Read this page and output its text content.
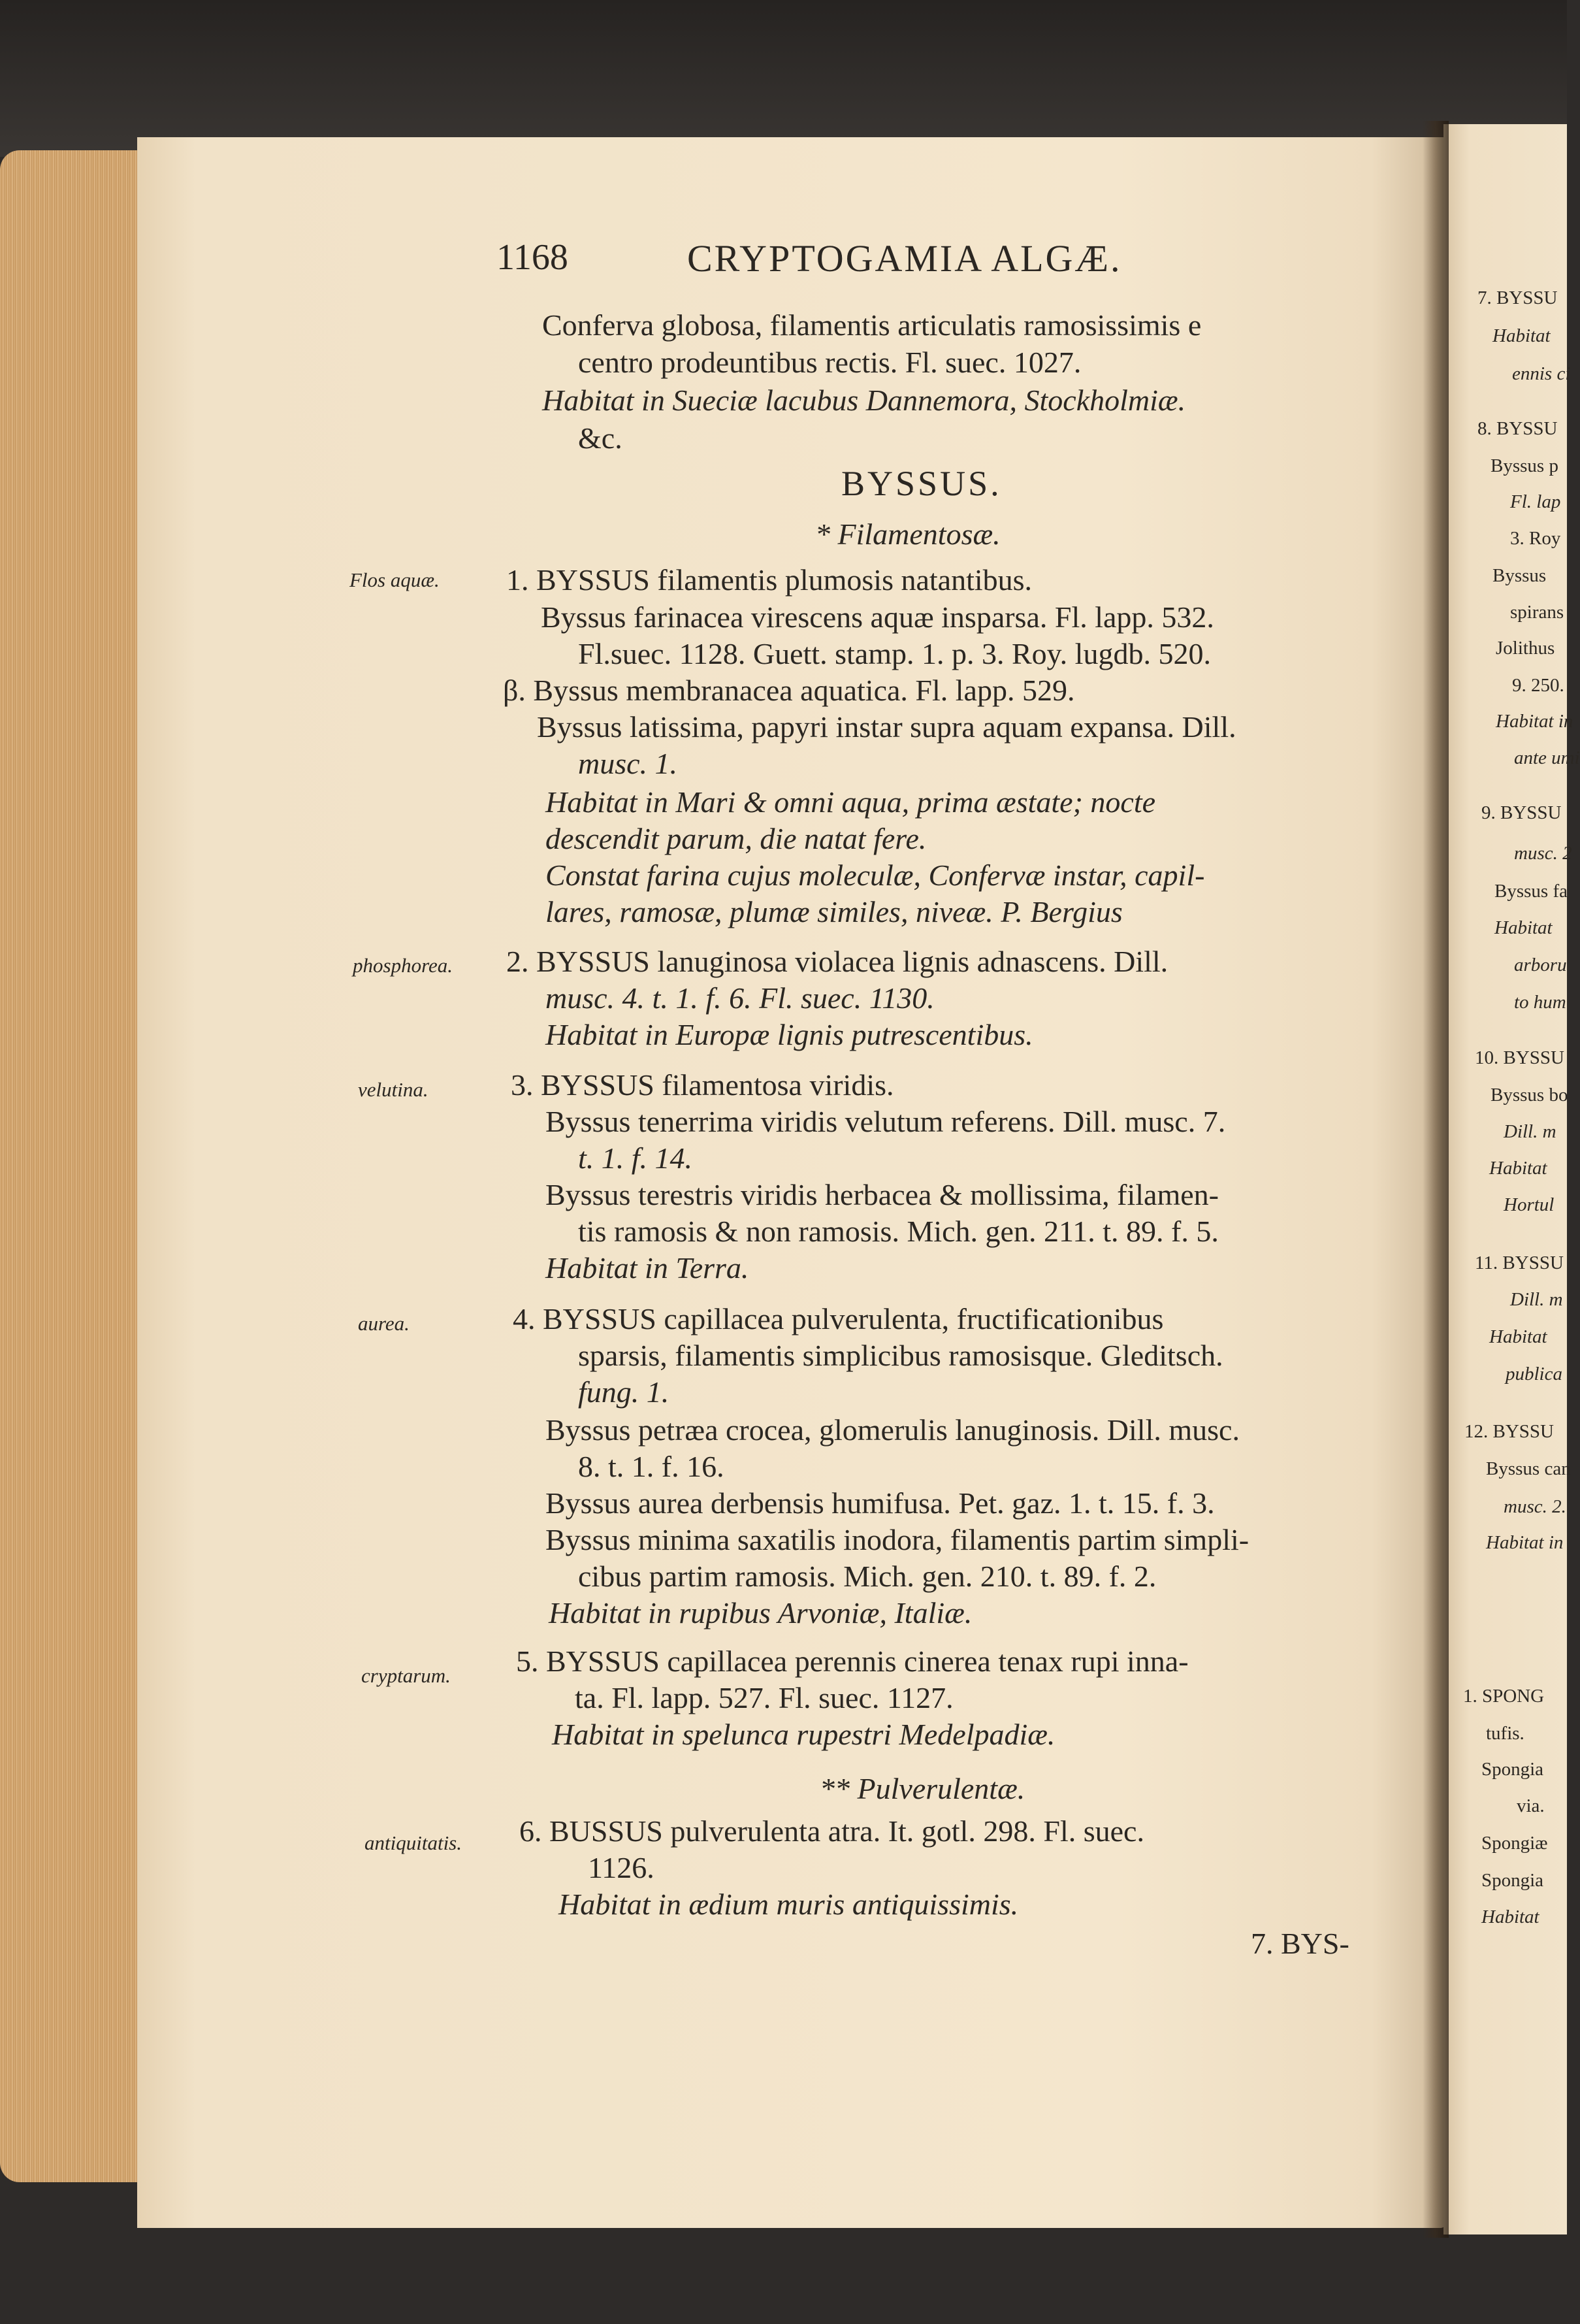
1168	CRYPTOGAMIA ALGÆ.
Conferva globosa, filamentis articulatis ramosissimis e
centro prodeuntibus rectis. Fl. suec. 1027.
Habitat in Sueciæ lacubus Dannemora, Stockholmiæ.
&c.
BYSSUS.
* Filamentosæ.
1. BYSSUS filamentis plumosis natantibus.
Byssus farinacea virescens aquæ insparsa. Fl. lapp. 532.
Fl.suec. 1128. Guett. stamp. 1. p. 3. Roy. lugdb. 520.
β. Byssus membranacea aquatica. Fl. lapp. 529.
Byssus latissima, papyri instar supra aquam expansa. Dill.
musc. 1.
Habitat in Mari & omni aqua, prima æstate; nocte
descendit parum, die natat fere.
Constat farina cujus moleculæ, Confervæ instar, capil-
lares, ramosæ, plumæ similes, niveæ. P. Bergius
2. BYSSUS lanuginosa violacea lignis adnascens. Dill.
musc. 4. t. 1. f. 6. Fl. suec. 1130.
Habitat in Europæ lignis putrescentibus.
3. BYSSUS filamentosa viridis.
Byssus tenerrima viridis velutum referens. Dill. musc. 7.
t. 1. f. 14.
Byssus terestris viridis herbacea & mollissima, filamen-
tis ramosis & non ramosis. Mich. gen. 211. t. 89. f. 5.
Habitat in Terra.
4. BYSSUS capillacea pulverulenta, fructificationibus
sparsis, filamentis simplicibus ramosisque. Gleditsch.
fung. 1.
Byssus petræa crocea, glomerulis lanuginosis. Dill. musc.
8. t. 1. f. 16.
Byssus aurea derbensis humifusa. Pet. gaz. 1. t. 15. f. 3.
Byssus minima saxatilis inodora, filamentis partim simpli-
cibus partim ramosis. Mich. gen. 210. t. 89. f. 2.
Habitat in rupibus Arvoniæ, Italiæ.
5. BYSSUS capillacea perennis cinerea tenax rupi inna-
ta. Fl. lapp. 527. Fl. suec. 1127.
Habitat in spelunca rupestri Medelpadiæ.
** Pulverulentæ.
6. BUSSUS pulverulenta atra. It. gotl. 298. Fl. suec.
1126.
Habitat in ædium muris antiquissimis.
7. BYS-
Flos aquæ.
phosphorea.
velutina.
aurea.
cryptarum.
antiquitatis.
7. BYSSU
Habitat
ennis ci
8. BYSSU
Byssus p
Fl. lap
3. Roy
Byssus
spirans
Jolithus
9. 250.
Habitat in
ante umi
9. BYSSU
musc. 2
Byssus fa
Habitat
arboru
to hum
10. BYSSU
Byssus bo
Dill. m
Habitat
Hortul
11. BYSSU
Dill. m
Habitat
publica
12. BYSSU
Byssus can
musc. 2.
Habitat in
1. SPONG
tufis.
Spongia
via.
Spongiæ
Spongia
Habitat
